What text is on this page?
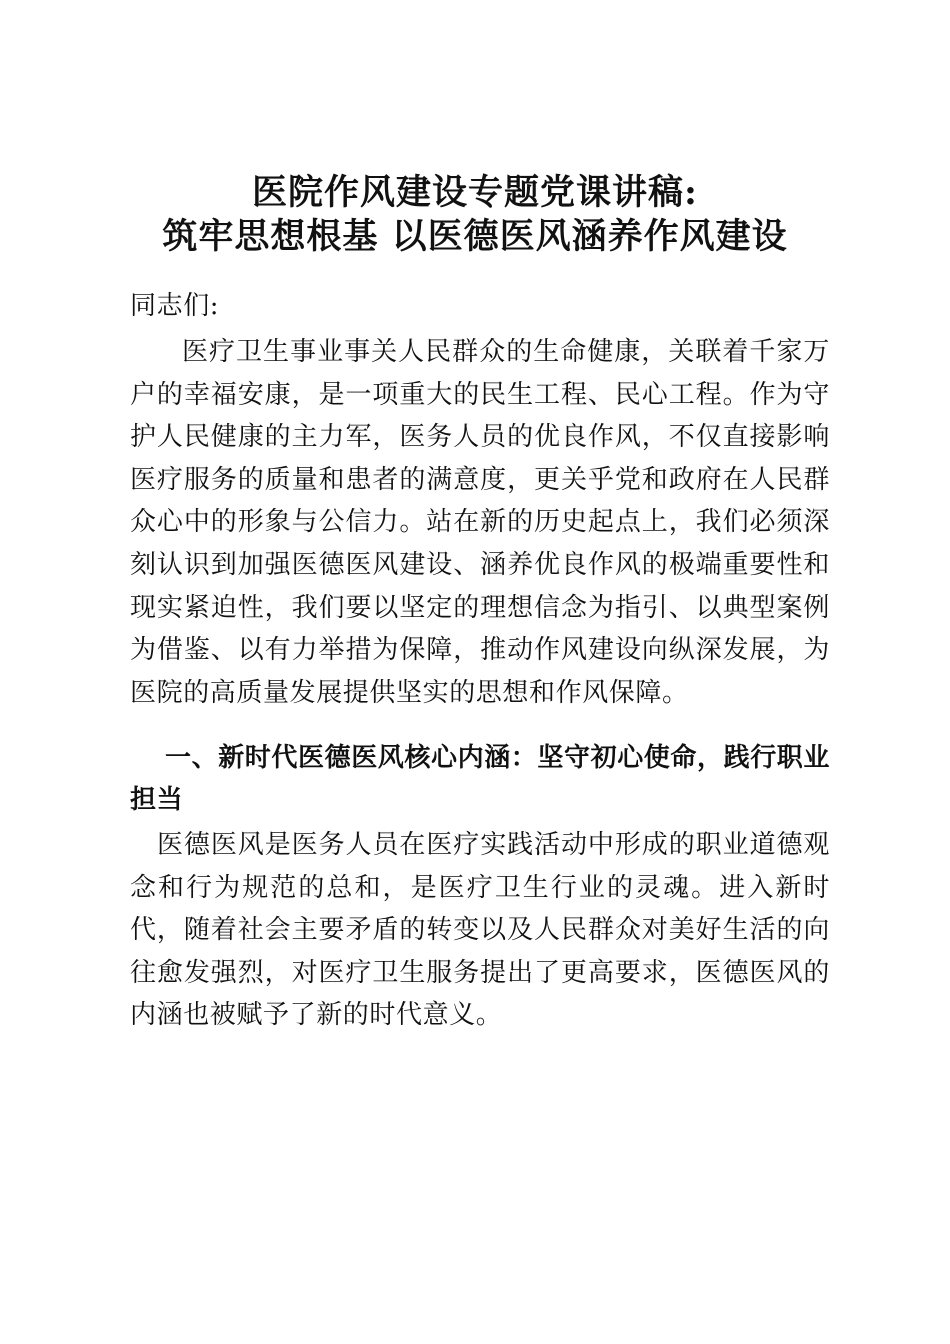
医院作风建设专题党课讲稿:
筑牢思想根基 以医德医风涵养作风建设
同志们:
医疗卫生事业事关人民群众的生命健康，关联着千家万户的幸福安康，是一项重大的民生工程、民心工程。作为守护人民健康的主力军，医务人员的优良作风，不仅直接影响医疗服务的质量和患者的满意度，更关乎党和政府在人民群众心中的形象与公信力。站在新的历史起点上，我们必须深刻认识到加强医德医风建设、涵养优良作风的极端重要性和现实紧迫性，我们要以坚定的理想信念为指引、以典型案例为借鉴、以有力举措为保障，推动作风建设向纵深发展，为医院的高质量发展提供坚实的思想和作风保障。
一、新时代医德医风核心内涵：坚守初心使命，践行职业担当
医德医风是医务人员在医疗实践活动中形成的职业道德观念和行为规范的总和，是医疗卫生行业的灵魂。进入新时代，随着社会主要矛盾的转变以及人民群众对美好生活的向往愈发强烈，对医疗卫生服务提出了更高要求，医德医风的内涵也被赋予了新的时代意义。
